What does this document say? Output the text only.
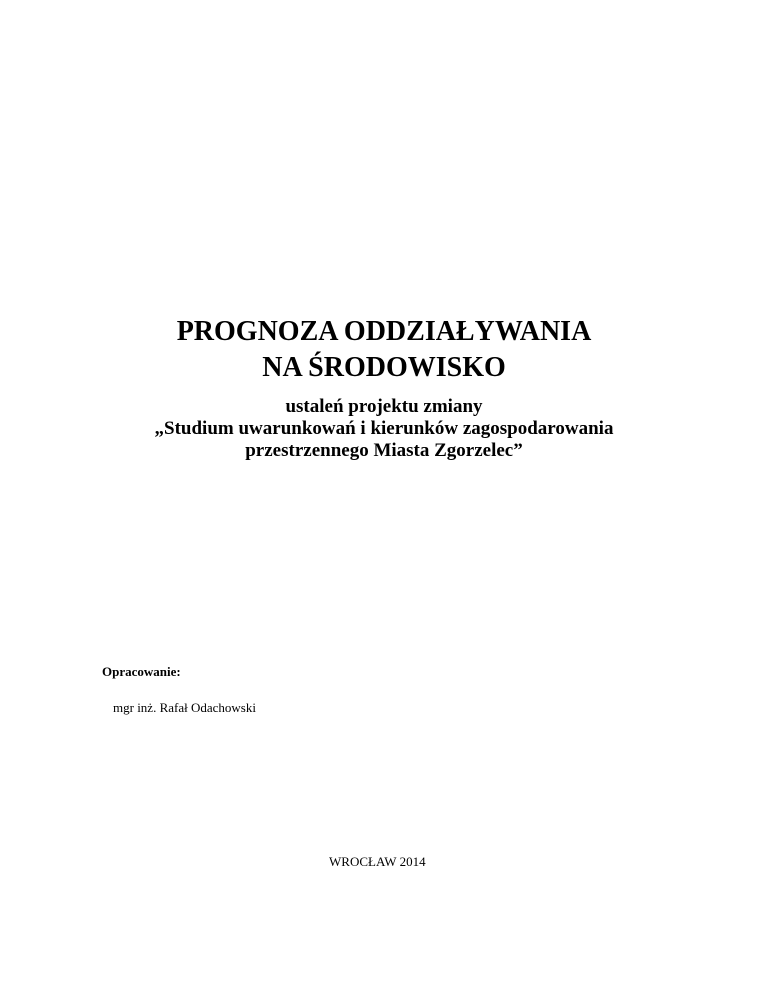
PROGNOZA ODDZIAŁYWANIA
NA ŚRODOWISKO
ustaleń projektu zmiany
„Studium uwarunkowań i kierunków zagospodarowania
przestrzennego Miasta Zgorzelec”
Opracowanie:
mgr inż. Rafał Odachowski
WROCŁAW 2014
